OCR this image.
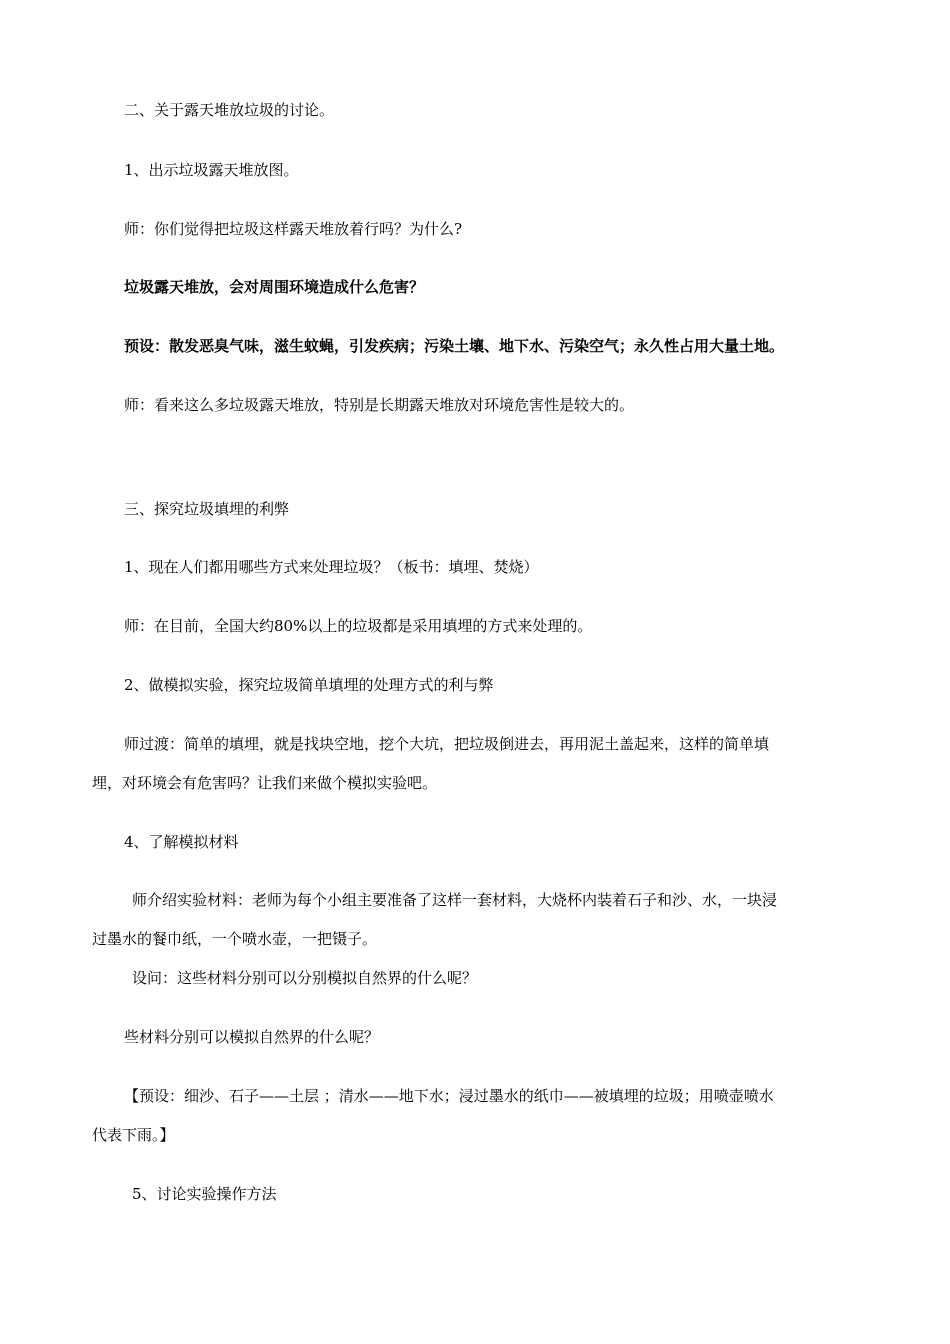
二、关于露天堆放垃圾的讨论。
1、出示垃圾露天堆放图。
师：你们觉得把垃圾这样露天堆放着行吗？为什么?
垃圾露天堆放，会对周围环境造成什么危害？
预设：散发恶臭气味，滋生蚊蝇，引发疾病；污染土壤、地下水、污染空气；永久性占用大量土地。
师：看来这么多垃圾露天堆放，特别是长期露天堆放对环境危害性是较大的。
三、探究垃圾填埋的利弊
1、现在人们都用哪些方式来处理垃圾？（板书：填埋、焚烧）
师：在目前，全国大约80%以上的垃圾都是采用填埋的方式来处理的。
2、做模拟实验，探究垃圾简单填埋的处理方式的利与弊
师过渡：简单的填埋，就是找块空地，挖个大坑，把垃圾倒进去，再用泥土盖起来，这样的简单填
埋，对环境会有危害吗？让我们来做个模拟实验吧。
4、了解模拟材料
师介绍实验材料：老师为每个小组主要准备了这样一套材料，大烧杯内装着石子和沙、水，一块浸
过墨水的餐巾纸，一个喷水壶，一把镊子。
设问：这些材料分别可以分别模拟自然界的什么呢？
些材料分别可以模拟自然界的什么呢？
【预设：细沙、石子——土层 ；清水——地下水；浸过墨水的纸巾——被填埋的垃圾；用喷壶喷水
代表下雨。】
5、讨论实验操作方法
